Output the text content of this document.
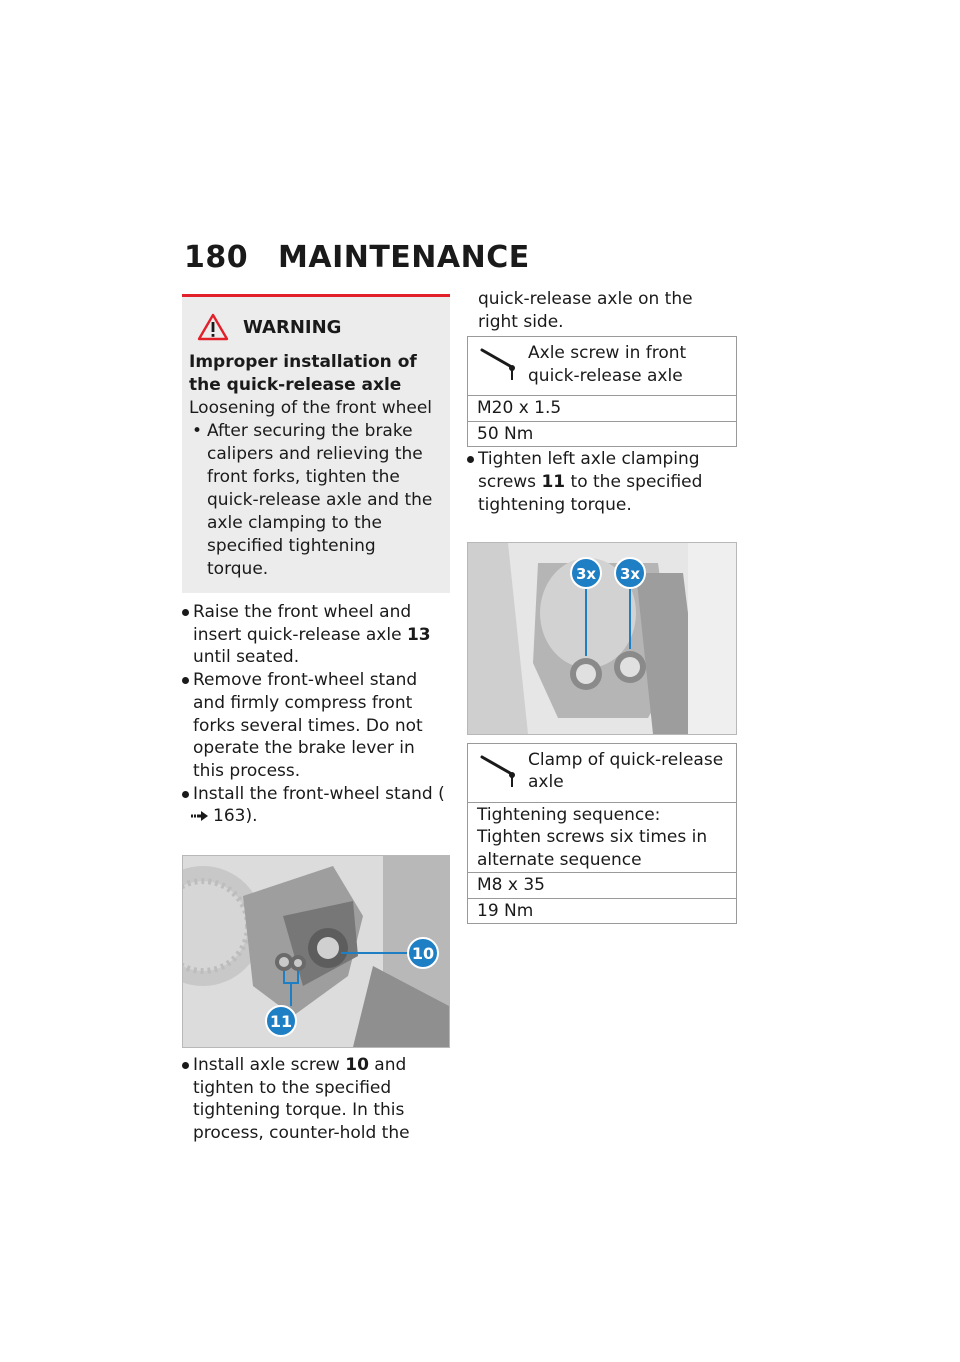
180 MAINTENANCE
WARNING
Improper installation of the quick-release axle
Loosening of the front wheel
• After securing the brake calipers and relieving the front forks, tighten the quick-release axle and the axle clamping to the specified tightening torque.
Raise the front wheel and insert quick-release axle 13 until seated.
Remove front-wheel stand and firmly compress front forks several times. Do not operate the brake lever in this process.
Install the front-wheel stand (163).
10
11
Install axle screw 10 and tighten to the specified tightening torque. In this process, counter-hold the
quick-release axle on the right side.
Axle screw in front quick-release axle
M20 x 1.5
50 Nm
Tighten left axle clamping screws 11 to the specified tightening torque.
3x 3x
Clamp of quick-release axle
Tightening sequence: Tighten screws six times in alternate sequence
M8 x 35
19 Nm
